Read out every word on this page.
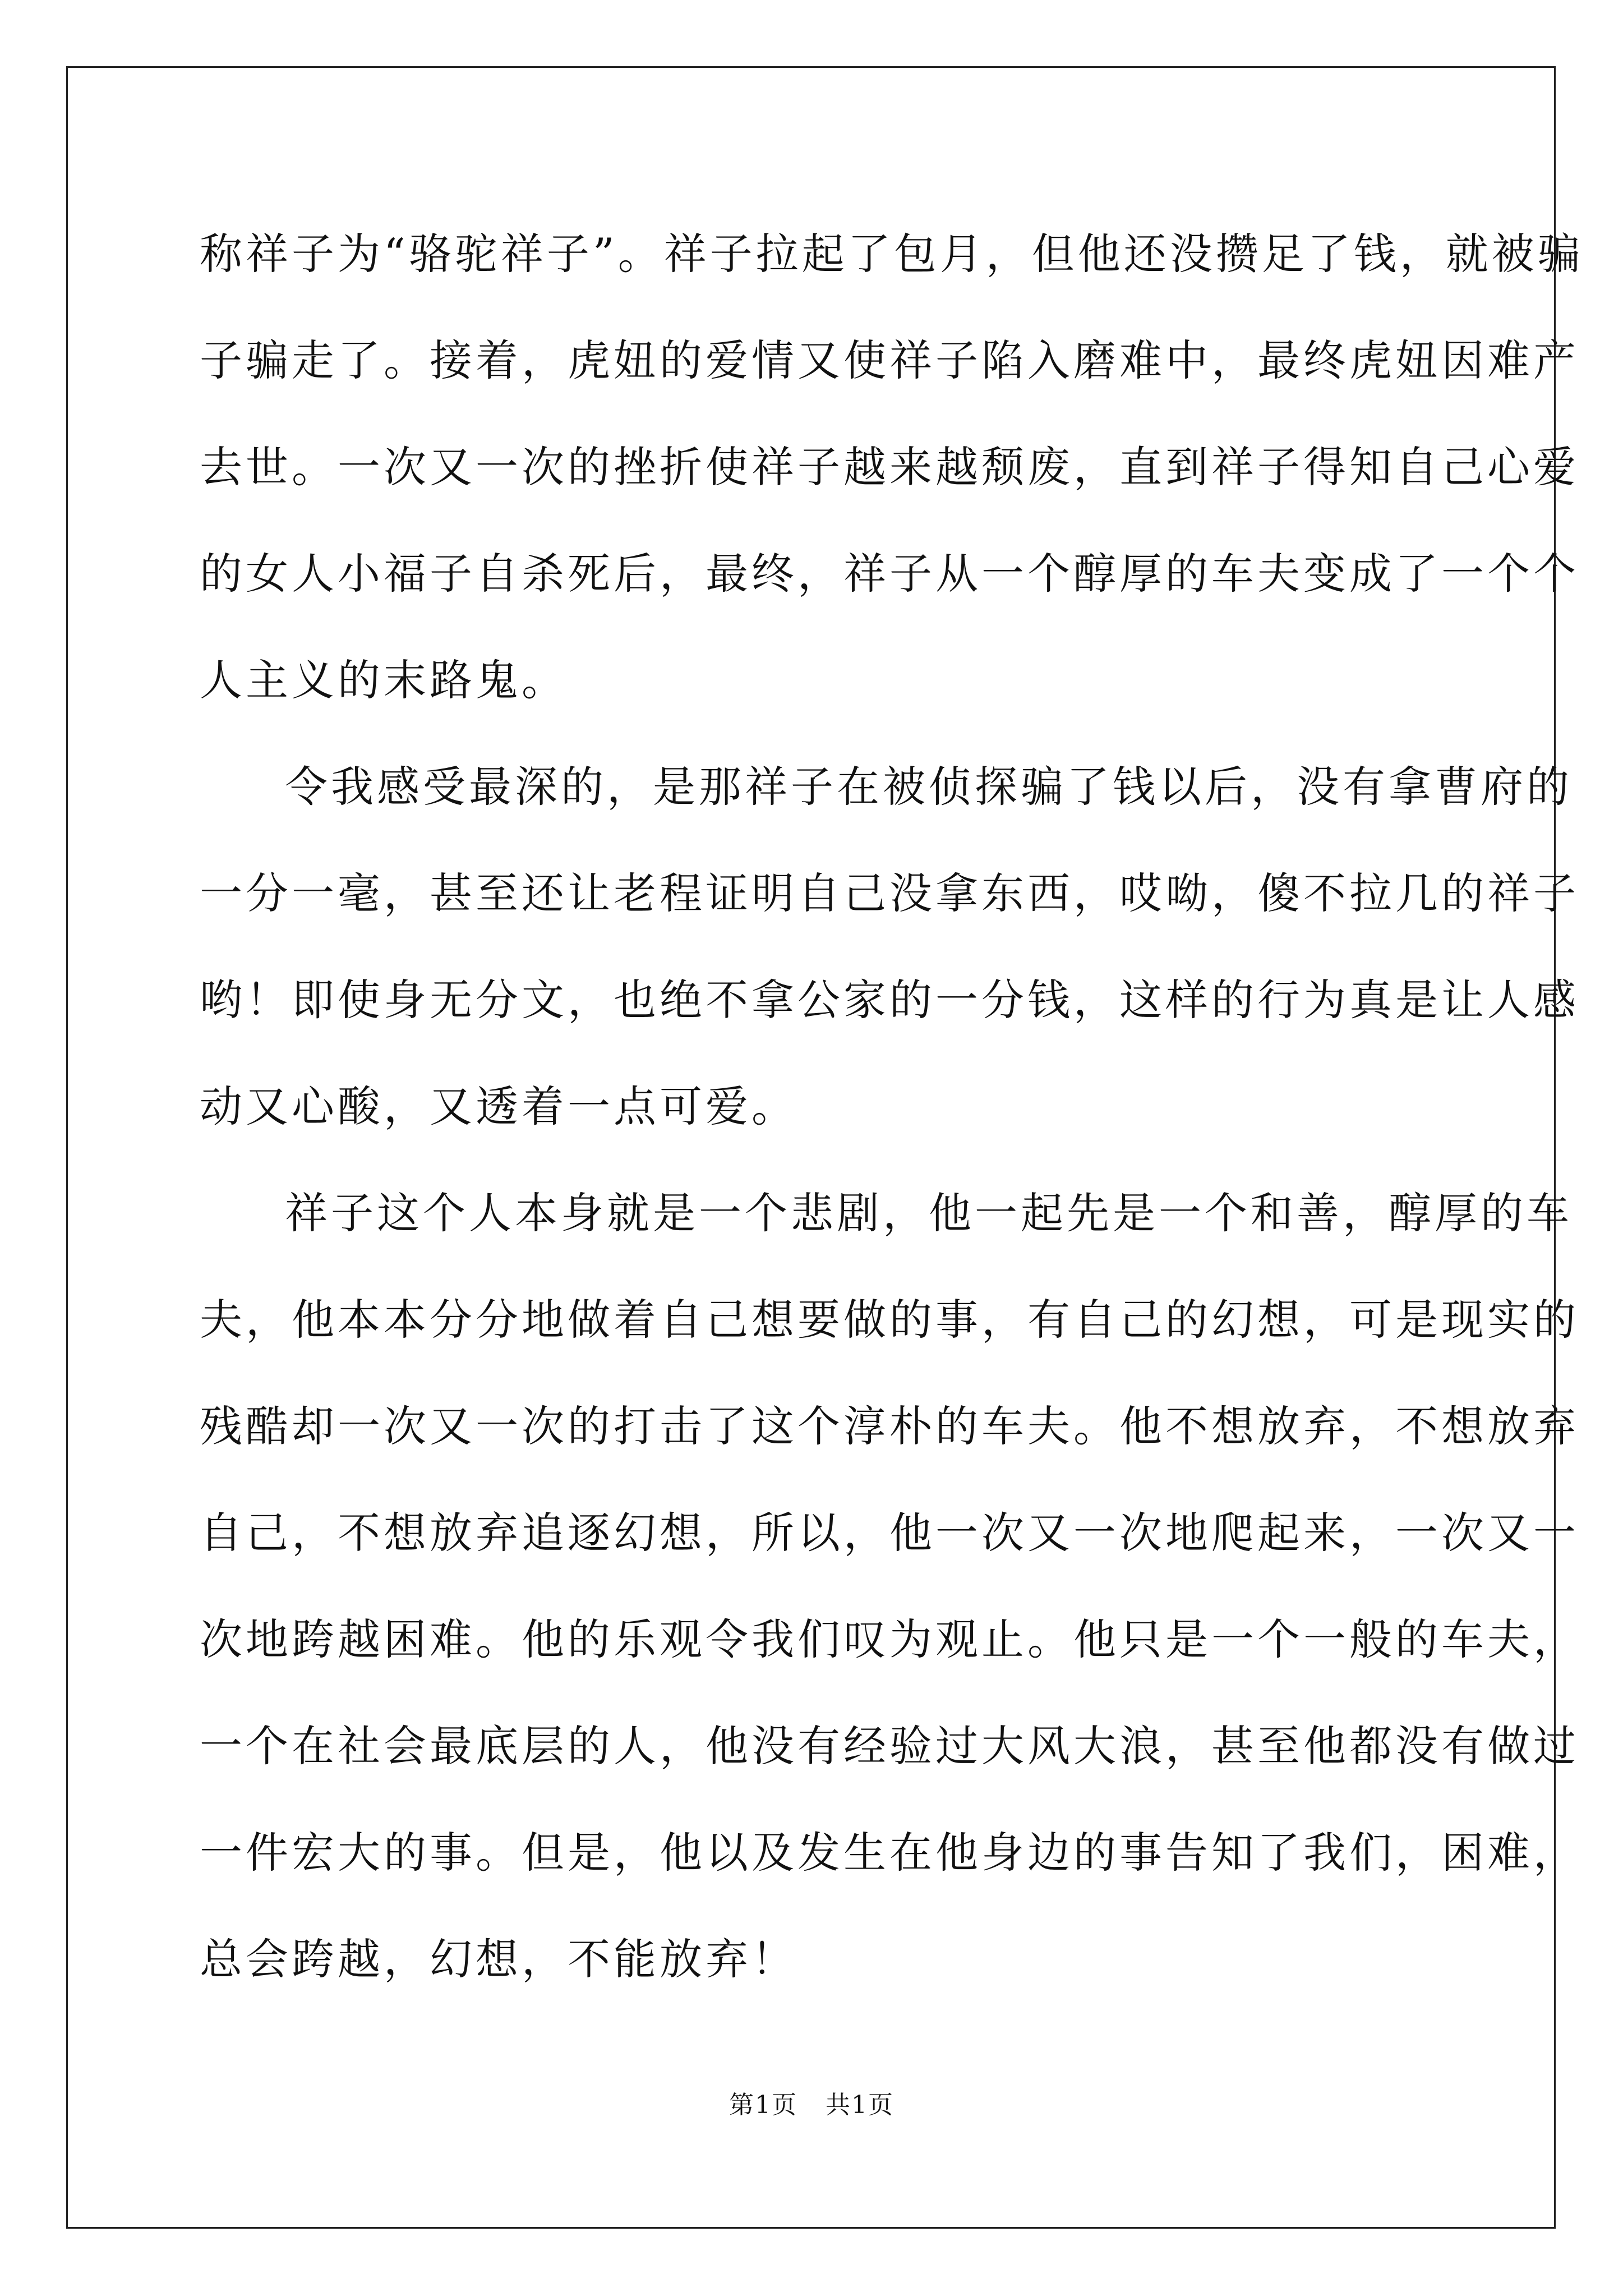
称祥子为“骆驼祥子”。祥子拉起了包月，但他还没攒足了钱，就被骗
子骗走了。接着，虎妞的爱情又使祥子陷入磨难中，最终虎妞因难产
去世。一次又一次的挫折使祥子越来越颓废，直到祥子得知自己心爱
的女人小福子自杀死后，最终，祥子从一个醇厚的车夫变成了一个个
人主义的末路鬼。
令我感受最深的，是那祥子在被侦探骗了钱以后，没有拿曹府的
一分一毫，甚至还让老程证明自己没拿东西，哎呦，傻不拉几的祥子
哟！即使身无分文，也绝不拿公家的一分钱，这样的行为真是让人感
动又心酸，又透着一点可爱。
祥子这个人本身就是一个悲剧，他一起先是一个和善，醇厚的车
夫，他本本分分地做着自己想要做的事，有自己的幻想，可是现实的
残酷却一次又一次的打击了这个淳朴的车夫。他不想放弃，不想放弃
自己，不想放弃追逐幻想，所以，他一次又一次地爬起来，一次又一
次地跨越困难。他的乐观令我们叹为观止。他只是一个一般的车夫，
一个在社会最底层的人，他没有经验过大风大浪，甚至他都没有做过
一件宏大的事。但是，他以及发生在他身边的事告知了我们，困难，
总会跨越，幻想，不能放弃！
第1页 共1页
